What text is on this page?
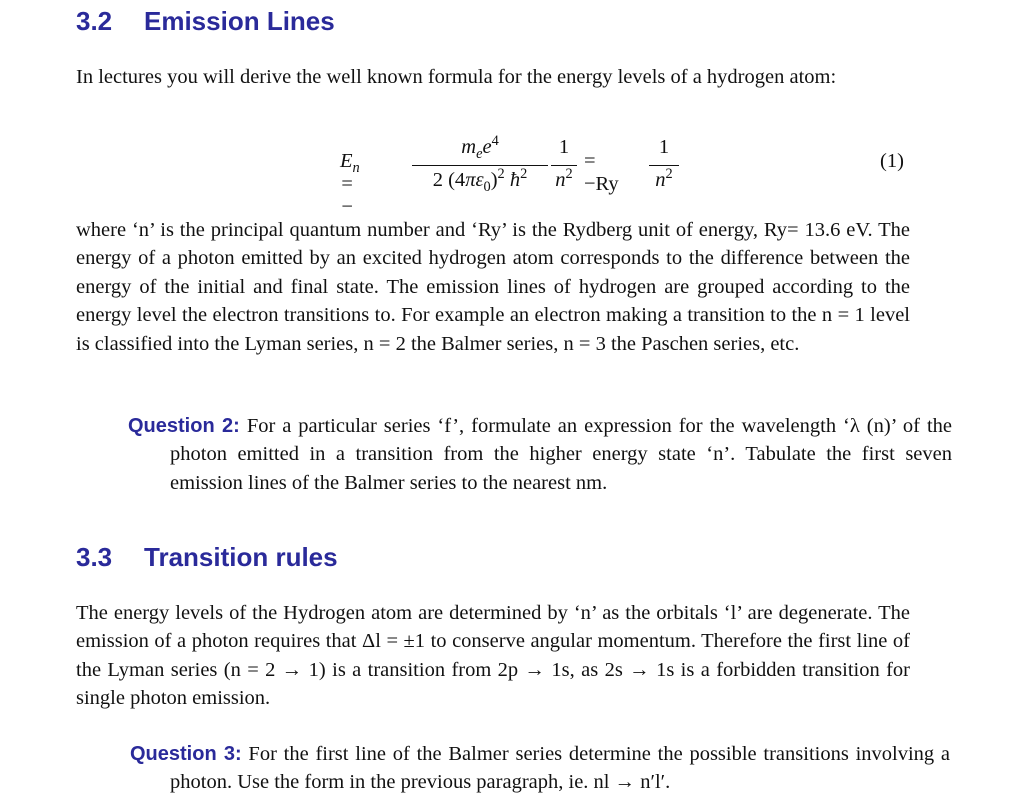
3.2 Emission Lines
In lectures you will derive the well known formula for the energy levels of a hydrogen atom:
$E_n$ = −
$m_ee^4$
2 $(4\pi\varepsilon_0)^2$ $ħ^2$
1
$n^2$
= −Ry
1
$n^2$
(1)
where ‘n’ is the principal quantum number and ‘Ry’ is the Rydberg unit of energy, Ry= 13.6 eV. The energy of a photon emitted by an excited hydrogen atom corresponds to the difference between the energy of the initial and final state. The emission lines of hydrogen are grouped according to the energy level the electron transitions to. For example an electron making a transition to the n = 1 level is classified into the Lyman series, n = 2 the Balmer series, n = 3 the Paschen series, etc.
Question 2: For a particular series ‘f’, formulate an expression for the wavelength ‘λ (n)’ of the photon emitted in a transition from the higher energy state ‘n’. Tabulate the first seven emission lines of the Balmer series to the nearest nm.
3.3 Transition rules
The energy levels of the Hydrogen atom are determined by ‘n’ as the orbitals ‘l’ are degenerate. The emission of a photon requires that Δl = ±1 to conserve angular momentum. Therefore the first line of the Lyman series (n = 2 → 1) is a transition from 2p → 1s, as 2s → 1s is a forbidden transition for single photon emission.
Question 3: For the first line of the Balmer series determine the possible transitions involving a photon. Use the form in the previous paragraph, ie. nl → n′l′.
